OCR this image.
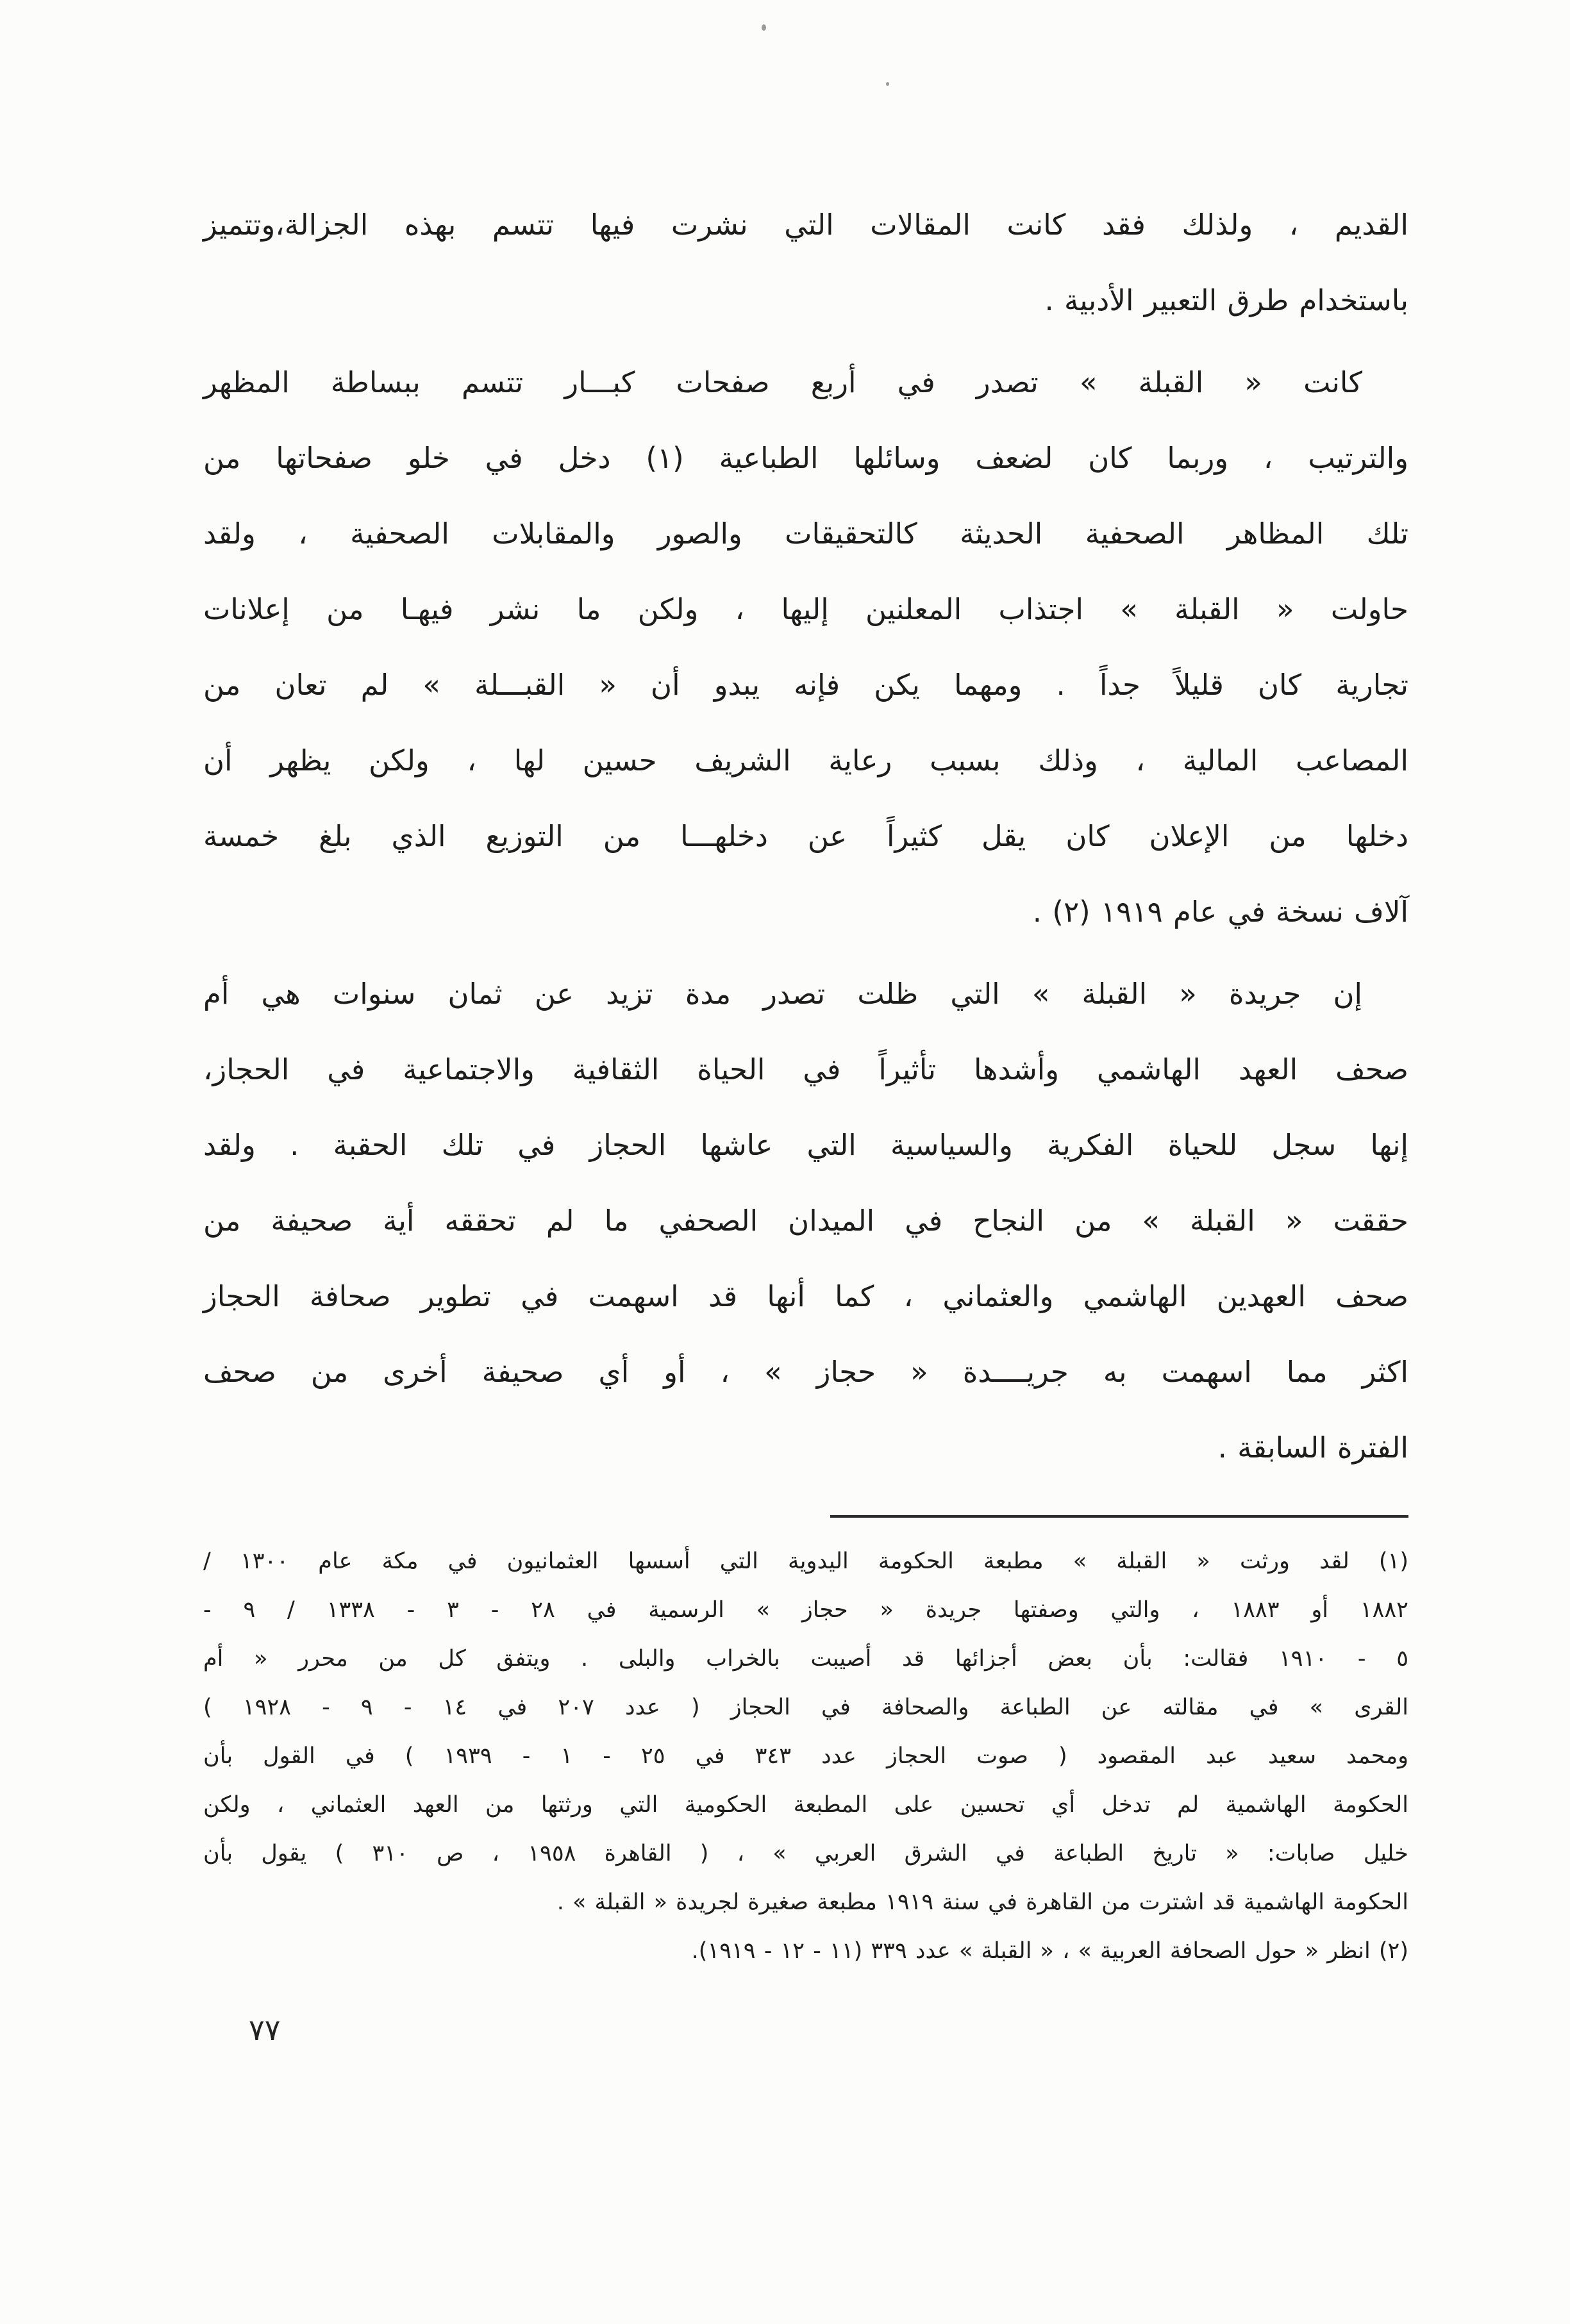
القديم ، ولذلك فقد كانت المقالات التي نشرت فيها تتسم بهذه الجزالة،وتتميز
باستخدام طرق التعبير الأدبية .
كانت « القبلة » تصدر في أربع صفحات كبـــار تتسم ببساطة المظهر
والترتيب ، وربما كان لضعف وسائلها الطباعية (١) دخل في خلو صفحاتها من
تلك المظاهر الصحفية الحديثة كالتحقيقات والصور والمقابلات الصحفية ، ولقد
حاولت « القبلة » اجتذاب المعلنين إليها ، ولكن ما نشر فيهـا من إعلانات
تجارية كان قليلاً جداً . ومهما يكن فإنه يبدو أن « القبـــلة » لم تعان من
المصاعب المالية ، وذلك بسبب رعاية الشريف حسين لها ، ولكن يظهر أن
دخلها من الإعلان كان يقل كثيراً عن دخلهـــا من التوزيع الذي بلغ خمسة
آلاف نسخة في عام ١٩١٩ (٢) .
إن جريدة « القبلة » التي ظلت تصدر مدة تزيد عن ثمان سنوات هي أم
صحف العهد الهاشمي وأشدها تأثيراً في الحياة الثقافية والاجتماعية في الحجاز،
إنها سجل للحياة الفكرية والسياسية التي عاشها الحجاز في تلك الحقبة . ولقد
حققت « القبلة » من النجاح في الميدان الصحفي ما لم تحققه أية صحيفة من
صحف العهدين الهاشمي والعثماني ، كما أنها قد اسهمت في تطوير صحافة الحجاز
اكثر مما اسهمت به جريــــدة « حجاز » ، أو أي صحيفة أخرى من صحف
الفترة السابقة .
(١) لقد ورثت « القبلة » مطبعة الحكومة اليدوية التي أسسها العثمانيون في مكة عام ١٣٠٠ /
١٨٨٢ أو ١٨٨٣ ، والتي وصفتها جريدة « حجاز » الرسمية في ٢٨ - ٣ - ١٣٣٨ / ٩ -
٥ - ١٩١٠ فقالت: بأن بعض أجزائها قد أصيبت بالخراب والبلى . ويتفق كل من محرر « أم
القرى » في مقالته عن الطباعة والصحافة في الحجاز ( عدد ٢٠٧ في ١٤ - ٩ - ١٩٢٨ )
ومحمد سعيد عبد المقصود ( صوت الحجاز عدد ٣٤٣ في ٢٥ - ١ - ١٩٣٩ ) في القول بأن
الحكومة الهاشمية لم تدخل أي تحسين على المطبعة الحكومية التي ورثتها من العهد العثماني ، ولكن
خليل صابات: « تاريخ الطباعة في الشرق العربي » ، ( القاهرة ١٩٥٨ ، ص ٣١٠ ) يقول بأن
الحكومة الهاشمية قد اشترت من القاهرة في سنة ١٩١٩ مطبعة صغيرة لجريدة « القبلة » .
(٢) انظر « حول الصحافة العربية » ، « القبلة » عدد ٣٣٩ (١١ - ١٢ - ١٩١٩).
٧٧
